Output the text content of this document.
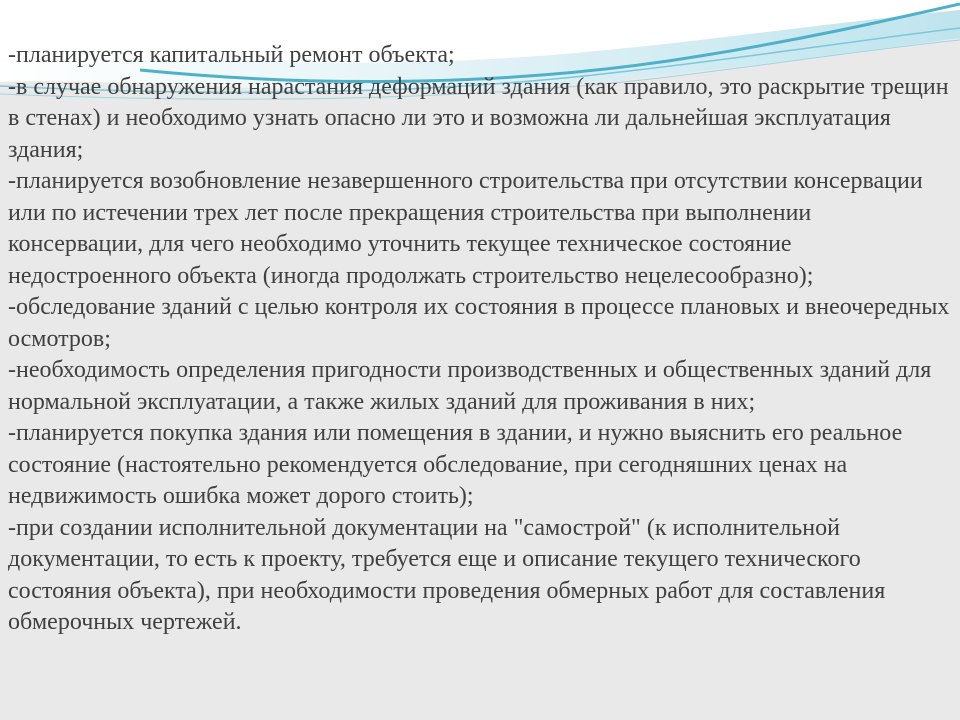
-планируется капитальный ремонт объекта;
-в случае обнаружения нарастания деформаций здания (как правило, это раскрытие трещин в стенах) и необходимо узнать опасно ли это и возможна ли дальнейшая эксплуатация здания;
-планируется возобновление незавершенного строительства при отсутствии консервации или по истечении трех лет после прекращения строительства при выполнении консервации, для чего необходимо уточнить текущее техническое состояние недостроенного объекта (иногда продолжать строительство нецелесообразно);
-обследование зданий с целью контроля их состояния в процессе плановых и внеочередных осмотров;
-необходимость определения пригодности производственных и общественных зданий для нормальной эксплуатации, а также жилых зданий для проживания в них;
-планируется покупка здания или помещения в здании, и нужно выяснить его реальное состояние (настоятельно рекомендуется обследование, при сегодняшних ценах на недвижимость ошибка может дорого стоить);
-при создании исполнительной документации на "самострой" (к исполнительной документации, то есть к проекту, требуется еще и описание текущего технического состояния объекта), при необходимости проведения обмерных работ для составления обмерочных чертежей.
